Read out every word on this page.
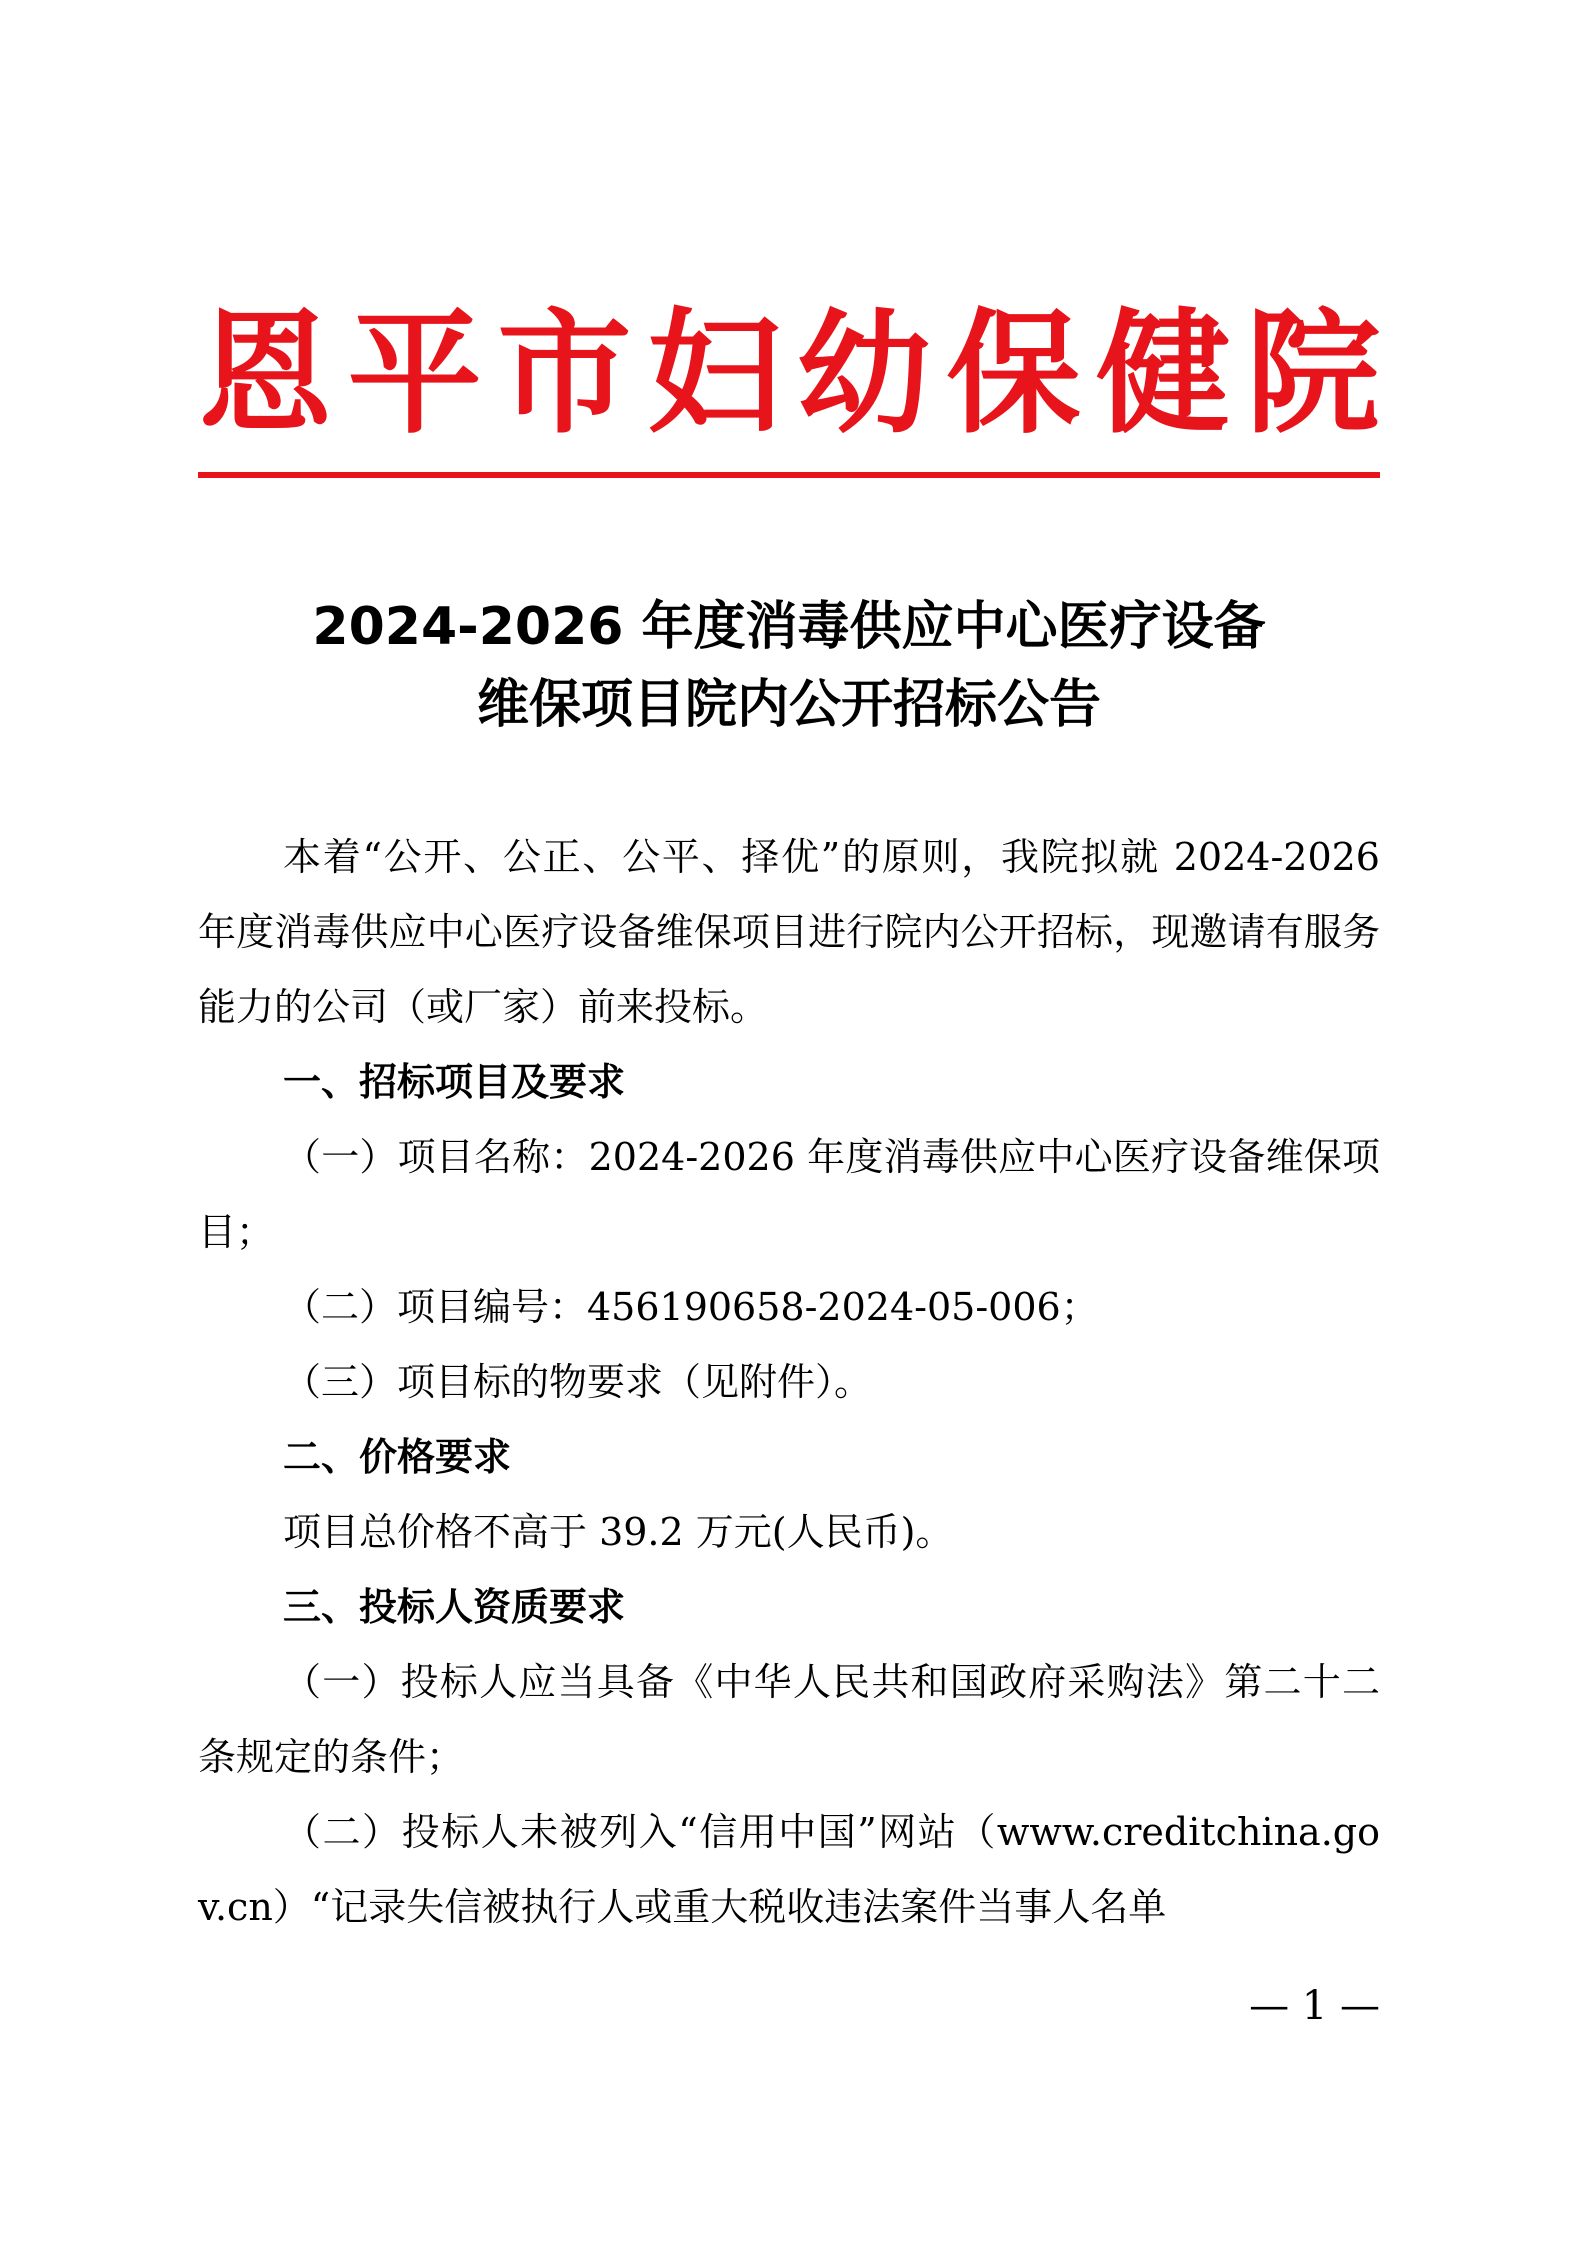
恩平市妇幼保健院
2024-2026 年度消毒供应中心医疗设备
维保项目院内公开招标公告

本着“公开、公正、公平、择优”的原则，我院拟就 2024-2026 年度消毒供应中心医疗设备维保项目进行院内公开招标，现邀请有服务能力的公司（或厂家）前来投标。

一、招标项目及要求

（一）项目名称：2024-2026 年度消毒供应中心医疗设备维保项目；

（二）项目编号：456190658-2024-05-006；

（三）项目标的物要求（见附件）。

二、价格要求

项目总价格不高于 39.2 万元(人民币)。

三、投标人资质要求

（一）投标人应当具备《中华人民共和国政府采购法》第二十二条规定的条件；

（二）投标人未被列入“信用中国”网站（www.creditchina.gov.cn）“记录失信被执行人或重大税收违法案件当事人名单

— 1 —
